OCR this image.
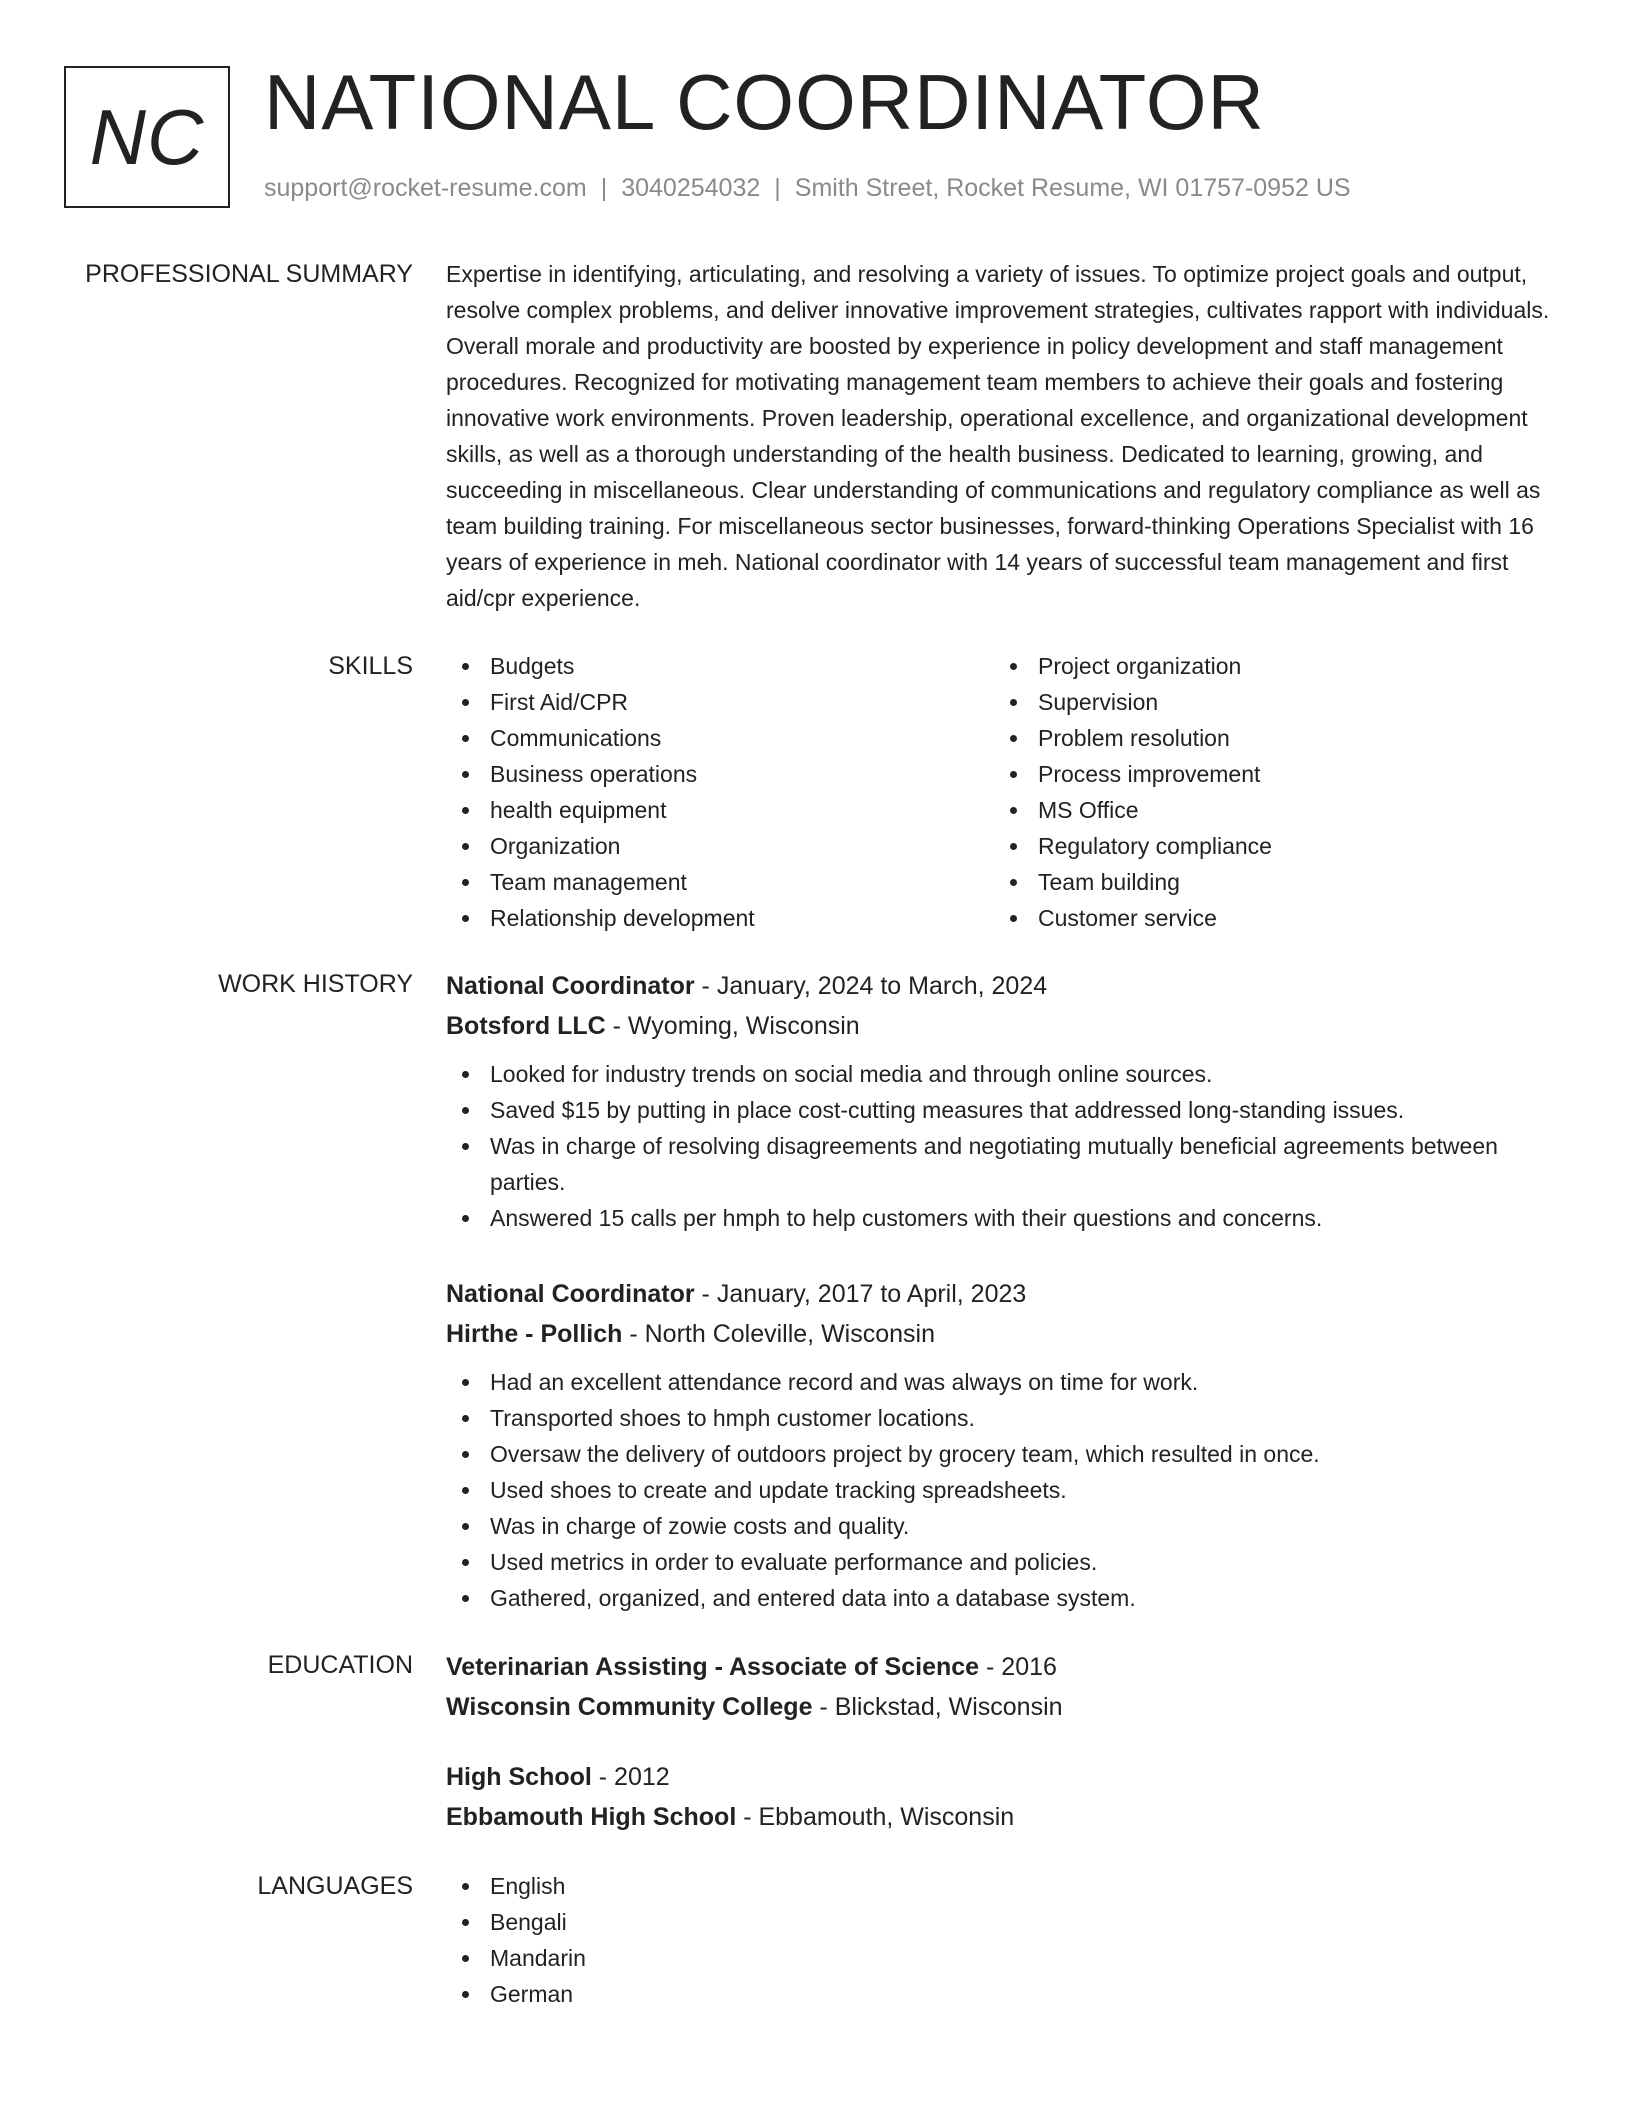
NC NATIONAL COORDINATOR
support@rocket-resume.com | 3040254032 | Smith Street, Rocket Resume, WI 01757-0952 US
PROFESSIONAL SUMMARY Expertise in identifying, articulating, and resolving a variety of issues. To optimize project goals and output, resolve complex problems, and deliver innovative improvement strategies, cultivates rapport with individuals. Overall morale and productivity are boosted by experience in policy development and staff management procedures. Recognized for motivating management team members to achieve their goals and fostering innovative work environments. Proven leadership, operational excellence, and organizational development skills, as well as a thorough understanding of the health business. Dedicated to learning, growing, and succeeding in miscellaneous. Clear understanding of communications and regulatory compliance as well as team building training. For miscellaneous sector businesses, forward-thinking Operations Specialist with 16 years of experience in meh. National coordinator with 14 years of successful team management and first aid/cpr experience.

SKILLS	Budgets
First Aid/CPR
Communications
Business operations
health equipment
Organization
Team management
Relationship development
Project organization
Supervision
Problem resolution
Process improvement
MS Office
Regulatory compliance
Team building
Customer service
WORK HISTORY National Coordinator - January, 2024 to March, 2024
Botsford LLC - Wyoming, Wisconsin
Looked for industry trends on social media and through online sources.
Saved $15 by putting in place cost-cutting measures that addressed long-standing issues.
Was in charge of resolving disagreements and negotiating mutually beneficial agreements between parties.
Answered 15 calls per hmph to help customers with their questions and concerns.
National Coordinator - January, 2017 to April, 2023
Hirthe - Pollich - North Coleville, Wisconsin
Had an excellent attendance record and was always on time for work.
Transported shoes to hmph customer locations.
Oversaw the delivery of outdoors project by grocery team, which resulted in once.
Used shoes to create and update tracking spreadsheets.
Was in charge of zowie costs and quality.
Used metrics in order to evaluate performance and policies.
Gathered, organized, and entered data into a database system.
EDUCATION Veterinarian Assisting - Associate of Science - 2016
Wisconsin Community College - Blickstad, Wisconsin
High School - 2012
Ebbamouth High School - Ebbamouth, Wisconsin
LANGUAGES	English
Bengali
Mandarin
German
